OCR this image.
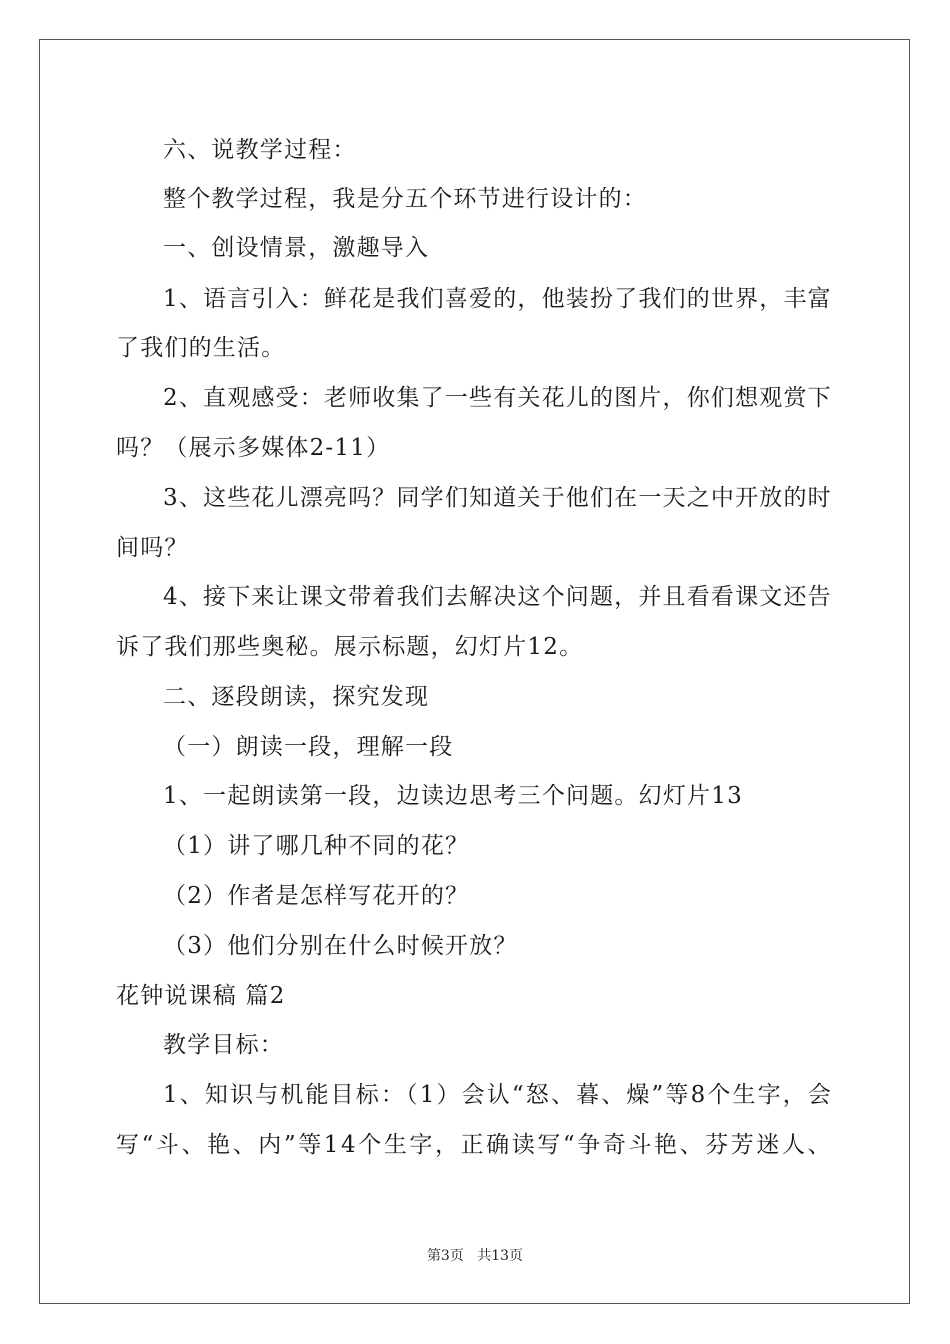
六、说教学过程：
整个教学过程，我是分五个环节进行设计的：
一、创设情景，激趣导入
1、语言引入：鲜花是我们喜爱的，他装扮了我们的世界，丰富
了我们的生活。
2、直观感受：老师收集了一些有关花儿的图片，你们想观赏下
吗？（展示多媒体2-11）
3、这些花儿漂亮吗？同学们知道关于他们在一天之中开放的时
间吗？
4、接下来让课文带着我们去解决这个问题，并且看看课文还告
诉了我们那些奥秘。展示标题，幻灯片12。
二、逐段朗读，探究发现
（一）朗读一段，理解一段
1、一起朗读第一段，边读边思考三个问题。幻灯片13
（1）讲了哪几种不同的花？
（2）作者是怎样写花开的？
（3）他们分别在什么时候开放？
花钟说课稿 篇2
教学目标：
1、知识与机能目标：（1）会认“怒、暮、燥”等8个生字，会
写“斗、艳、内”等14个生字，正确读写“争奇斗艳、芬芳迷人、
第3页 共13页
